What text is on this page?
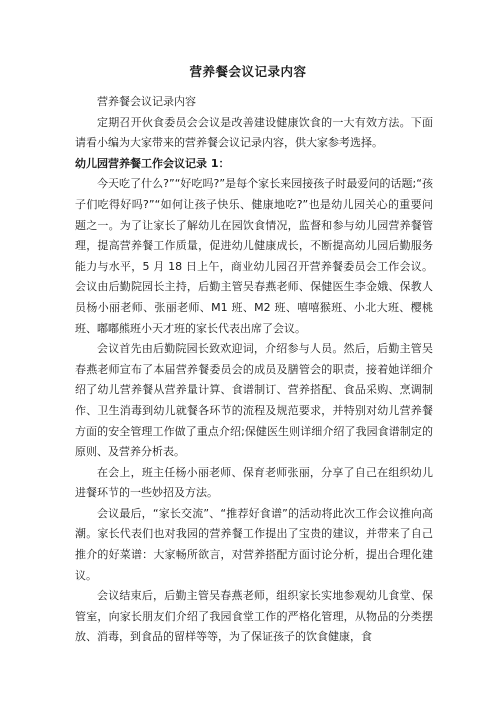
营养餐会议记录内容

营养餐会议记录内容

定期召开伙食委员会会议是改善建设健康饮食的一大有效方法。下面请看小编为大家带来的营养餐会议记录内容，供大家参考选择。

幼儿园营养餐工作会议记录 1：

今天吃了什么?”“好吃吗?”是每个家长来园接孩子时最爱问的话题;“孩子们吃得好吗?”“如何让孩子快乐、健康地吃?”也是幼儿园关心的重要问题之一。为了让家长了解幼儿在园饮食情况，监督和参与幼儿园营养餐管理，提高营养餐工作质量，促进幼儿健康成长，不断提高幼儿园后勤服务能力与水平，5 月 18 日上午，商业幼儿园召开营养餐委员会工作会议。会议由后勤院园长主持，后勤主管吴春燕老师、保健医生李金娥、保教人员杨小丽老师、张丽老师、M1 班、M2 班、嘻嘻猴班、小北大班、樱桃班、嘟嘟熊班小天才班的家长代表出席了会议。

会议首先由后勤院园长致欢迎词，介绍参与人员。然后，后勤主管吴春燕老师宣布了本届营养餐委员会的成员及膳管会的职责，接着她详细介绍了幼儿营养餐从营养量计算、食谱制订、营养搭配、食品采购、烹调制作、卫生消毒到幼儿就餐各环节的流程及规范要求，并特别对幼儿营养餐方面的安全管理工作做了重点介绍;保健医生则详细介绍了我园食谱制定的原则、及营养分析表。

在会上，班主任杨小丽老师、保育老师张丽，分享了自己在组织幼儿进餐环节的一些妙招及方法。

会议最后，“家长交流”、“推荐好食谱”的活动将此次工作会议推向高潮。家长代表们也对我园的营养餐工作提出了宝贵的建议，并带来了自己推介的好菜谱：大家畅所欲言，对营养搭配方面讨论分析，提出合理化建议。

会议结束后，后勤主管吴春燕老师，组织家长实地参观幼儿食堂、保管室，向家长朋友们介绍了我园食堂工作的严格化管理，从物品的分类摆放、消毒，到食品的留样等等，为了保证孩子的饮食健康，食
